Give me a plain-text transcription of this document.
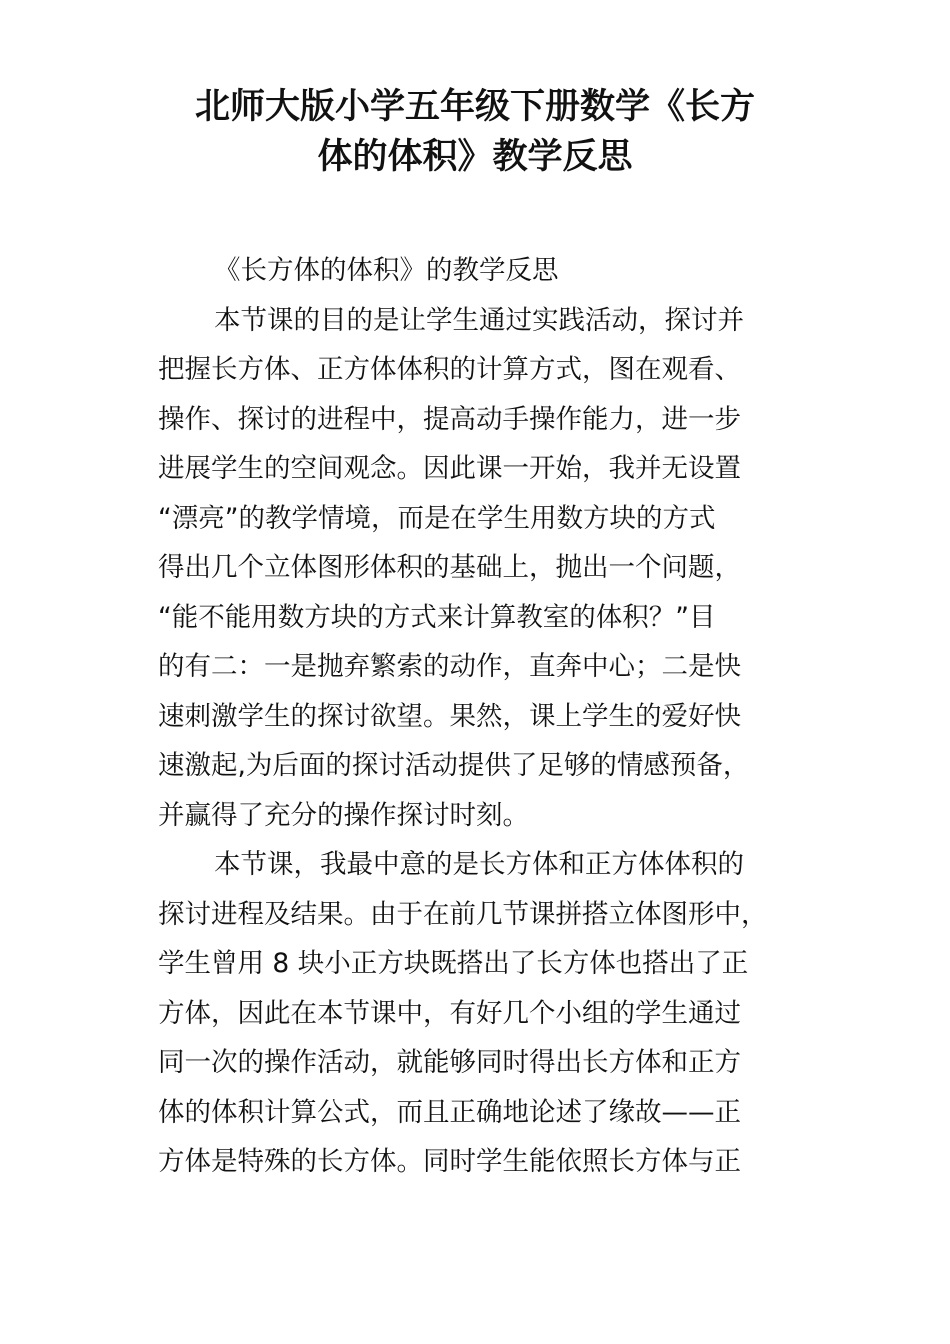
北师大版小学五年级下册数学《长方
体的体积》教学反思
《长方体的体积》的教学反思
本节课的目的是让学生通过实践活动，探讨并
把握长方体、正方体体积的计算方式，图在观看、
操作、探讨的进程中，提高动手操作能力，进一步
进展学生的空间观念。因此课一开始，我并无设置
“漂亮”的教学情境，而是在学生用数方块的方式
得出几个立体图形体积的基础上，抛出一个问题，
“能不能用数方块的方式来计算教室的体积？”目
的有二：一是抛弃繁索的动作，直奔中心；二是快
速刺激学生的探讨欲望。果然，课上学生的爱好快
速激起,为后面的探讨活动提供了足够的情感预备，
并赢得了充分的操作探讨时刻。
本节课，我最中意的是长方体和正方体体积的
探讨进程及结果。由于在前几节课拼搭立体图形中，
学生曾用 8 块小正方块既搭出了长方体也搭出了正
方体，因此在本节课中，有好几个小组的学生通过
同一次的操作活动，就能够同时得出长方体和正方
体的体积计算公式，而且正确地论述了缘故——正
方体是特殊的长方体。同时学生能依照长方体与正
